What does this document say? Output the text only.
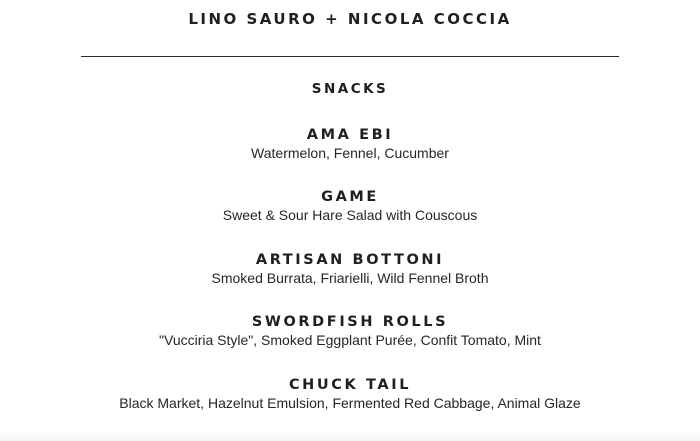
LINO SAURO + NICOLA COCCIA
SNACKS
AMA EBI
Watermelon, Fennel, Cucumber
GAME
Sweet & Sour Hare Salad with Couscous
ARTISAN BOTTONI
Smoked Burrata, Friarielli, Wild Fennel Broth
SWORDFISH ROLLS
"Vucciria Style", Smoked Eggplant Purée, Confit Tomato, Mint
CHUCK TAIL
Black Market, Hazelnut Emulsion, Fermented Red Cabbage, Animal Glaze
